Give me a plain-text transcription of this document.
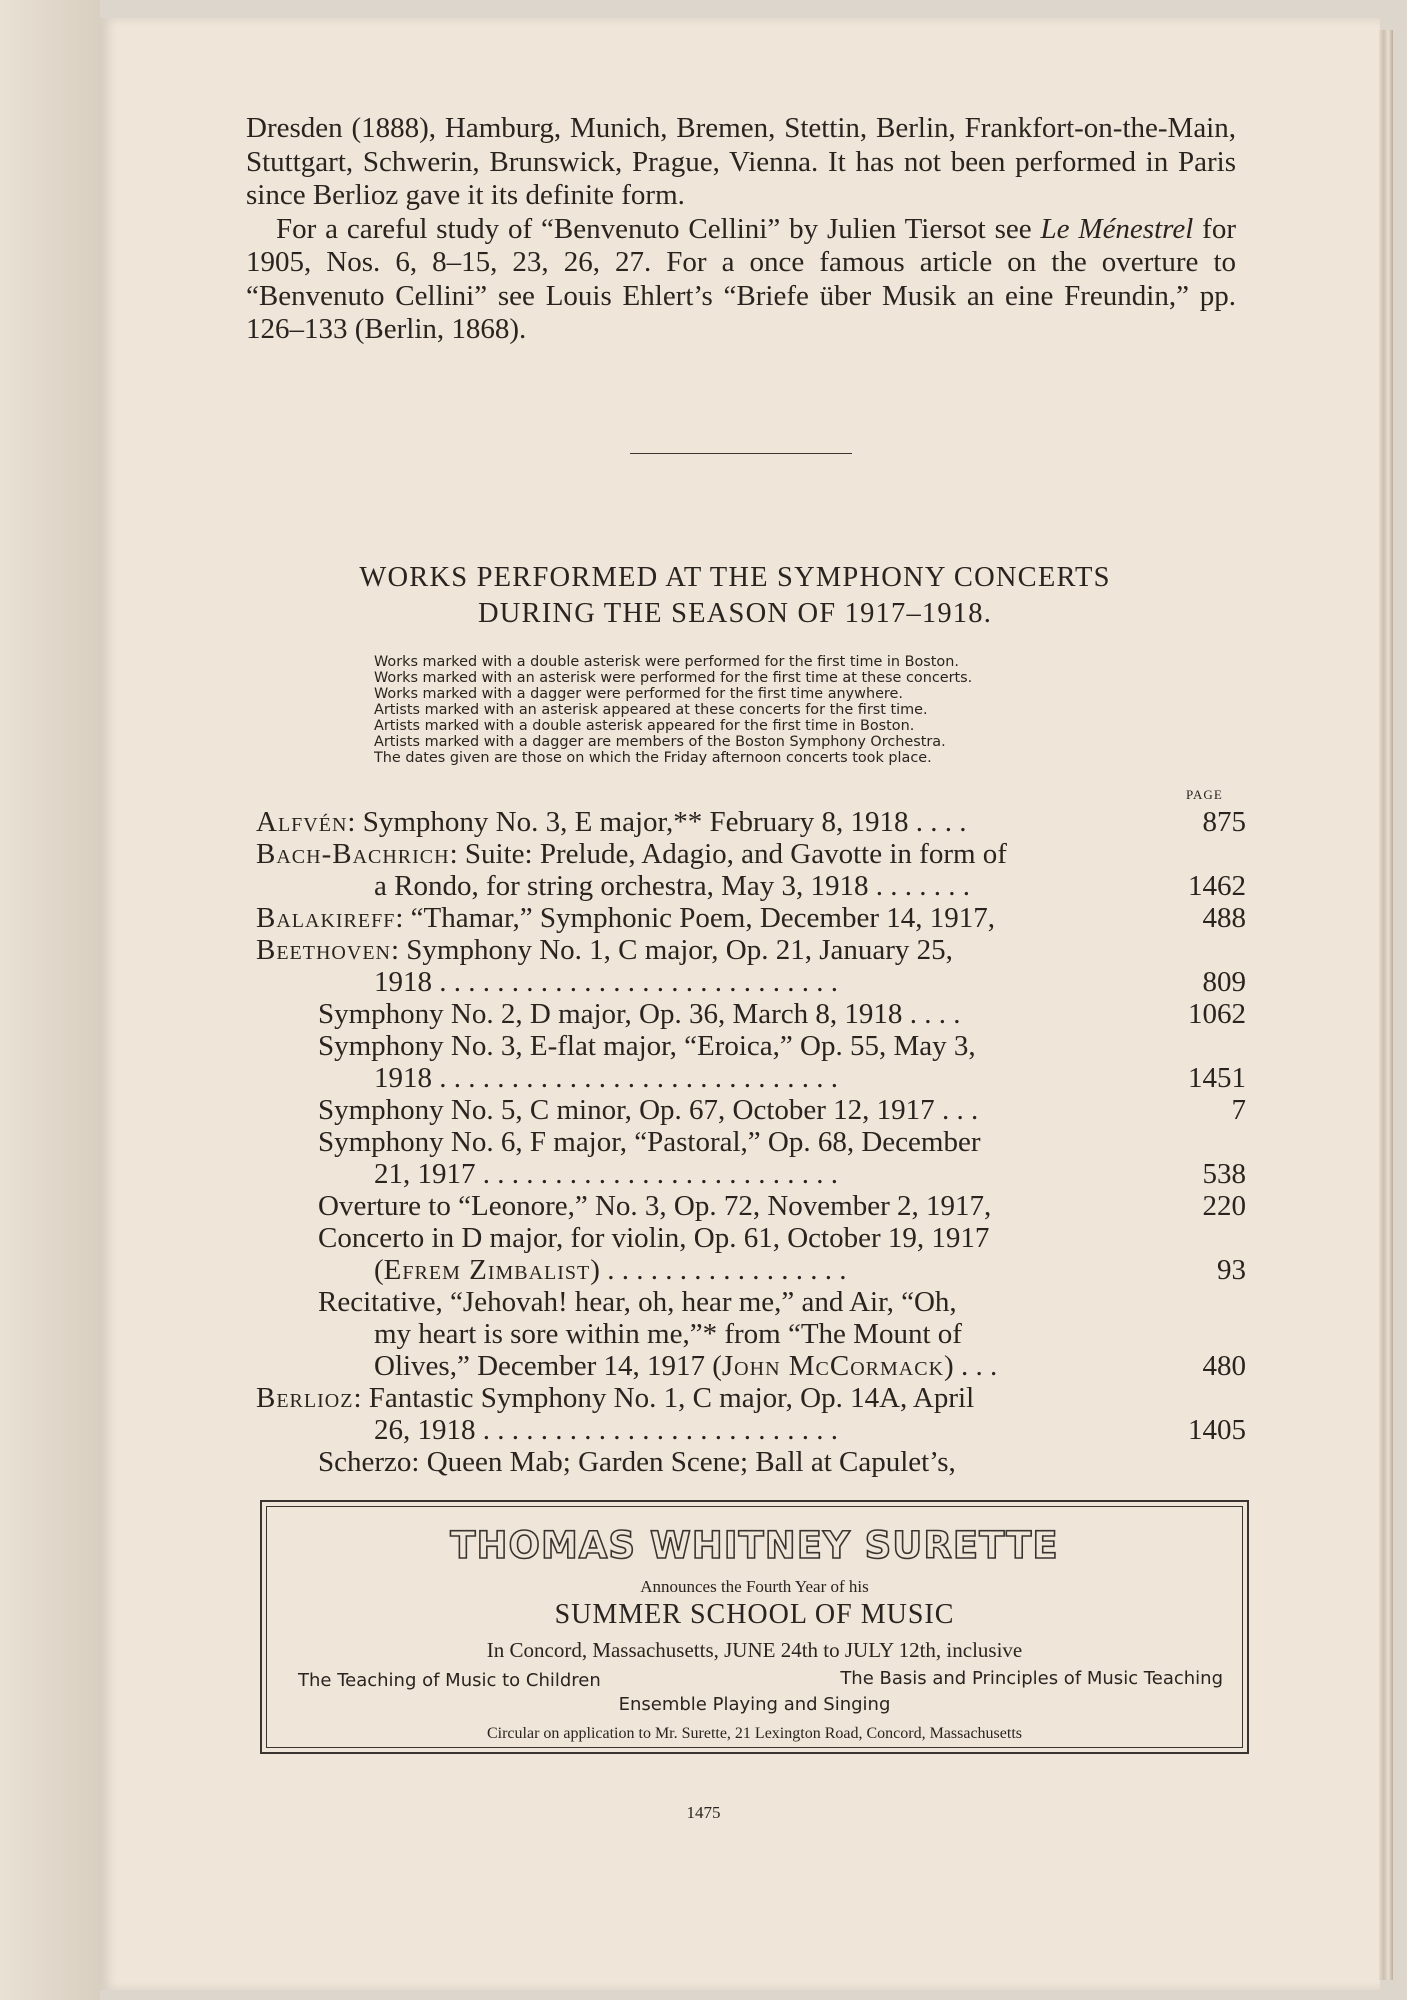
Dresden (1888), Hamburg, Munich, Bremen, Stettin, Berlin, Frankfort-on-the-Main, Stuttgart, Schwerin, Brunswick, Prague, Vienna. It has not been performed in Paris since Berlioz gave it its definite form.

For a careful study of “Benvenuto Cellini” by Julien Tiersot see Le Ménestrel for 1905, Nos. 6, 8–15, 23, 26, 27. For a once famous article on the overture to “Benvenuto Cellini” see Louis Ehlert’s “Briefe über Musik an eine Freundin,” pp. 126–133 (Berlin, 1868).

WORKS PERFORMED AT THE SYMPHONY CONCERTS
DURING THE SEASON OF 1917–1918.
Works marked with a double asterisk were performed for the first time in Boston.
Works marked with an asterisk were performed for the first time at these concerts.
Works marked with a dagger were performed for the first time anywhere.
Artists marked with an asterisk appeared at these concerts for the first time.
Artists marked with a double asterisk appeared for the first time in Boston.
Artists marked with a dagger are members of the Boston Symphony Orchestra.
The dates given are those on which the Friday afternoon concerts took place.
PAGE
Alfvén: Symphony No. 3, E major,** February 8, 1918 . . . .	875
Bach-Bachrich: Suite: Prelude, Adagio, and Gavotte in form of
a Rondo, for string orchestra, May 3, 1918 . . . . . . .	1462
Balakireff: “Thamar,” Symphonic Poem, December 14, 1917,	488
Beethoven: Symphony No. 1, C major, Op. 21, January 25,
1918 . . . . . . . . . . . . . . . . . . . . . . . . . . . .	809
Symphony No. 2, D major, Op. 36, March 8, 1918 . . . .	1062
Symphony No. 3, E-flat major, “Eroica,” Op. 55, May 3,
1918 . . . . . . . . . . . . . . . . . . . . . . . . . . . .	1451
Symphony No. 5, C minor, Op. 67, October 12, 1917 . . .	7
Symphony No. 6, F major, “Pastoral,” Op. 68, December
21, 1917 . . . . . . . . . . . . . . . . . . . . . . . . .	538
Overture to “Leonore,” No. 3, Op. 72, November 2, 1917,	220
Concerto in D major, for violin, Op. 61, October 19, 1917
(Efrem Zimbalist) . . . . . . . . . . . . . . . . .	93
Recitative, “Jehovah! hear, oh, hear me,” and Air, “Oh,
my heart is sore within me,”* from “The Mount of
Olives,” December 14, 1917 (John McCormack) . . .	480
Berlioz: Fantastic Symphony No. 1, C major, Op. 14A, April
26, 1918 . . . . . . . . . . . . . . . . . . . . . . . . .	1405
Scherzo: Queen Mab; Garden Scene; Ball at Capulet’s,
THOMAS WHITNEY SURETTE
Announces the Fourth Year of his
SUMMER SCHOOL OF MUSIC
In Concord, Massachusetts, JUNE 24th to JULY 12th, inclusive
The Teaching of Music to Children	The Basis and Principles of Music Teaching
Ensemble Playing and Singing
Circular on application to Mr. Surette, 21 Lexington Road, Concord, Massachusetts
1475
